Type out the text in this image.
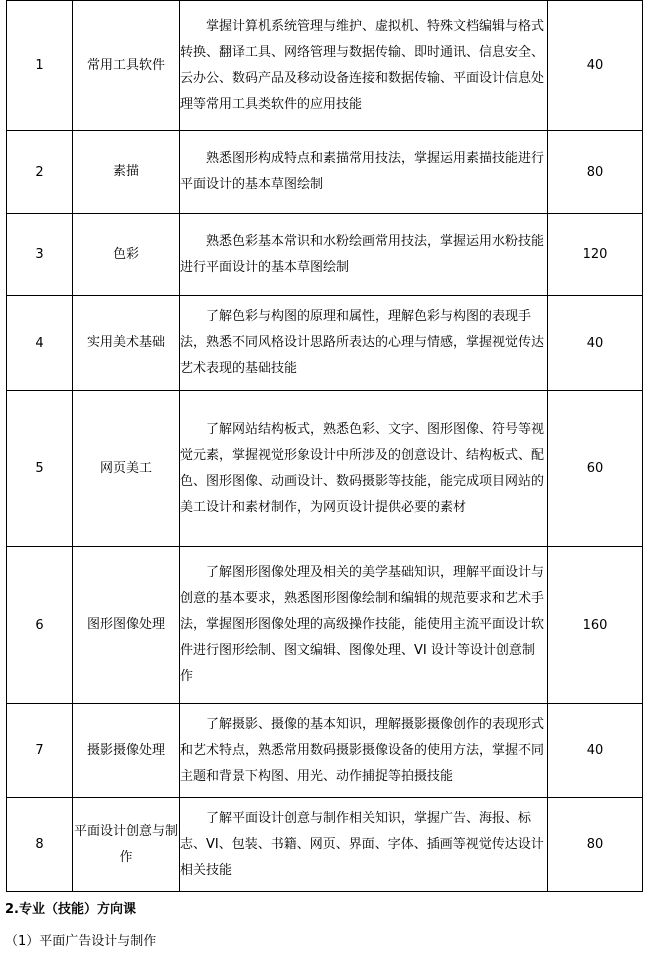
1	常用工具软件	掌握计算机系统管理与维护、虚拟机、特殊文档编辑与格式转换、翻译工具、网络管理与数据传输、即时通讯、信息安全、云办公、数码产品及移动设备连接和数据传输、平面设计信息处理等常用工具类软件的应用技能	40
2	素描	熟悉图形构成特点和素描常用技法，掌握运用素描技能进行平面设计的基本草图绘制	80
3	色彩	熟悉色彩基本常识和水粉绘画常用技法，掌握运用水粉技能进行平面设计的基本草图绘制	120
4	实用美术基础	了解色彩与构图的原理和属性，理解色彩与构图的表现手法，熟悉不同风格设计思路所表达的心理与情感，掌握视觉传达艺术表现的基础技能	40
5	网页美工	了解网站结构板式，熟悉色彩、文字、图形图像、符号等视觉元素，掌握视觉形象设计中所涉及的创意设计、结构板式、配色、图形图像、动画设计、数码摄影等技能，能完成项目网站的美工设计和素材制作，为网页设计提供必要的素材	60
6	图形图像处理	了解图形图像处理及相关的美学基础知识，理解平面设计与创意的基本要求，熟悉图形图像绘制和编辑的规范要求和艺术手法，掌握图形图像处理的高级操作技能，能使用主流平面设计软件进行图形绘制、图文编辑、图像处理、VI 设计等设计创意制作	160
7	摄影摄像处理	了解摄影、摄像的基本知识，理解摄影摄像创作的表现形式和艺术特点，熟悉常用数码摄影摄像设备的使用方法，掌握不同主题和背景下构图、用光、动作捕捉等拍摄技能	40
8	平面设计创意与制作	了解平面设计创意与制作相关知识，掌握广告、海报、标志、VI、包装、书籍、网页、界面、字体、插画等视觉传达设计相关技能	80
2.专业（技能）方向课
（1）平面广告设计与制作
